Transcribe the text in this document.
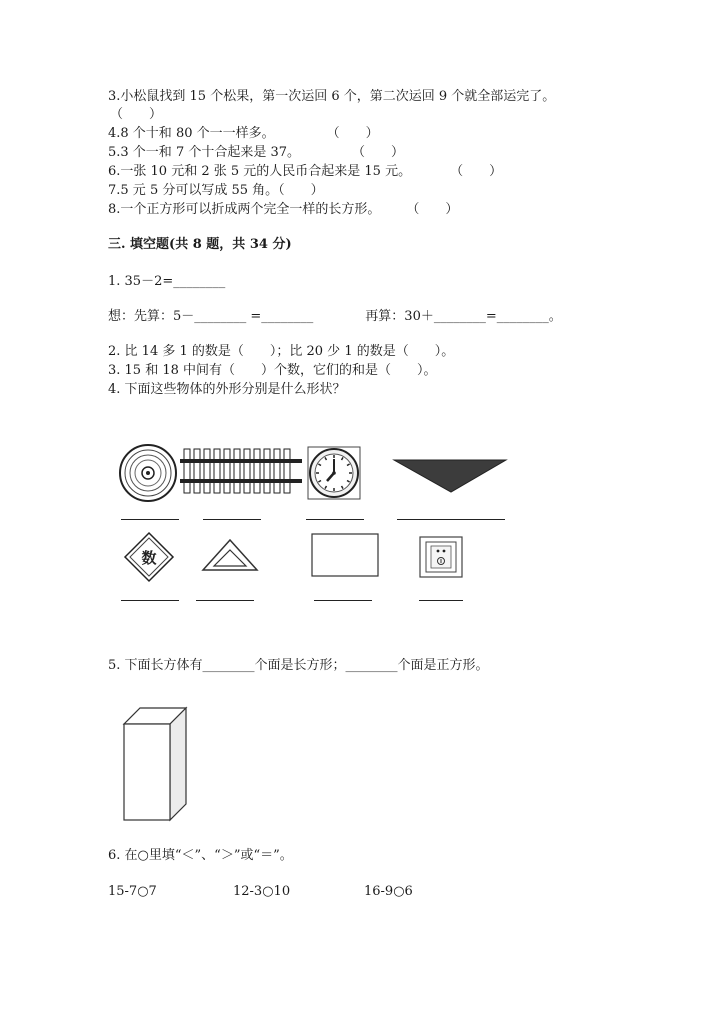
3.小松鼠找到 15 个松果，第一次运回 6 个，第二次运回 9 个就全部运完了。
（　　）
4.8 个十和 80 个一一样多。　　　　　（　　）
5.3 个一和 7 个十合起来是 37。　　　　　（　　）
6.一张 10 元和 2 张 5 元的人民币合起来是 15 元。　　　　（　　）
7.5 元 5 分可以写成 55 角。（　　）
8.一个正方形可以折成两个完全一样的长方形。　　　（　　）
三. 填空题(共 8 题，共 34 分)
1. 35－2=________
想：先算：5－________ =________　　　　再算：30＋________=________。
2. 比 14 多 1 的数是（　　）；比 20 少 1 的数是（　　）。
3. 15 和 18 中间有（　　）个数，它们的和是（　　）。
4. 下面这些物体的外形分别是什么形状？
数
5. 下面长方体有________个面是长方形；________个面是正方形。
6. 在○里填“＜”、“＞”或“＝”。
15-7○7	12-3○10	16-9○6
